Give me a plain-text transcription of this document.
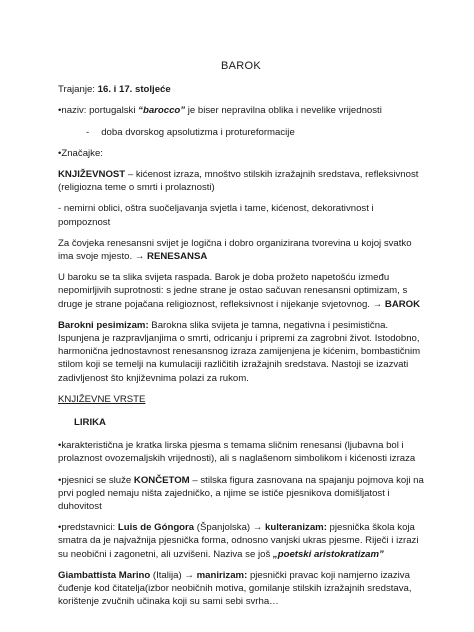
BAROK

Trajanje: 16. i 17. stoljeće

• naziv: portugalski “barocco” je biser nepravilna oblika i nevelike vrijednosti

- doba dvorskog apsolutizma i protureformacije

• Značajke:

KNJIŽEVNOST – kićenost izraza, mnoštvo stilskih izražajnih sredstava, refleksivnost (religiozna teme o smrti i prolaznosti)

- nemirni oblici, oštra suočeljavanja svjetla i tame, kićenost, dekorativnost i pompoznost

Za čovjeka renesansni svijet je logična i dobro organizirana tvorevina u kojoj svatko ima svoje mjesto. → RENESANSA

U baroku se ta slika svijeta raspada. Barok je doba prožeto napetošću između nepomirljivih suprotnosti: s jedne strane je ostao sačuvan renesansni optimizam, s druge je strane pojačana religioznost, refleksivnost i nijekanje svjetovnog. → BAROK

Barokni pesimizam: Barokna slika svijeta je tamna, negativna i pesimistična. Ispunjena je razpravljanjima o smrti, odricanju i pripremi za zagrobni život. Istodobno, harmonična jednostavnost renesansnog izraza zamijenjena je kićenim, bombastičnim stilom koji se temelji na kumulaciji različitih izražajnih sredstava. Nastoji se izazvati zadivljenost što književnima polazi za rukom.

KNJIŽEVNE VRSTE
LIRIKA

• karakteristična je kratka lirska pjesma s temama sličnim renesansi (ljubavna bol i prolaznost ovozemaljskih vrijednosti), ali s naglašenom simbolikom i kićenosti izraza

• pjesnici se služe KONČETOM – stilska figura zasnovana na spajanju pojmova koji na prvi pogled nemaju ništa zajedničko, a njime se ističe pjesnikova domišljatost i duhovitost

• predstavnici: Luis de Góngora (Španjolska) → kulteranizam: pjesnička škola koja smatra da je najvažnija pjesnička forma, odnosno vanjski ukras pjesme. Riječi i izrazi su neobični i zagonetni, ali uzvišeni. Naziva se još „poetski aristokratizam”

Giambattista Marino (Italija) → manirizam: pjesnički pravac koji namjerno izaziva čuđenje kod čitatelja(izbor neobičnih motiva, gomilanje stilskih izražajnih sredstava, korištenje zvučnih učinaka koji su sami sebi svrha…
